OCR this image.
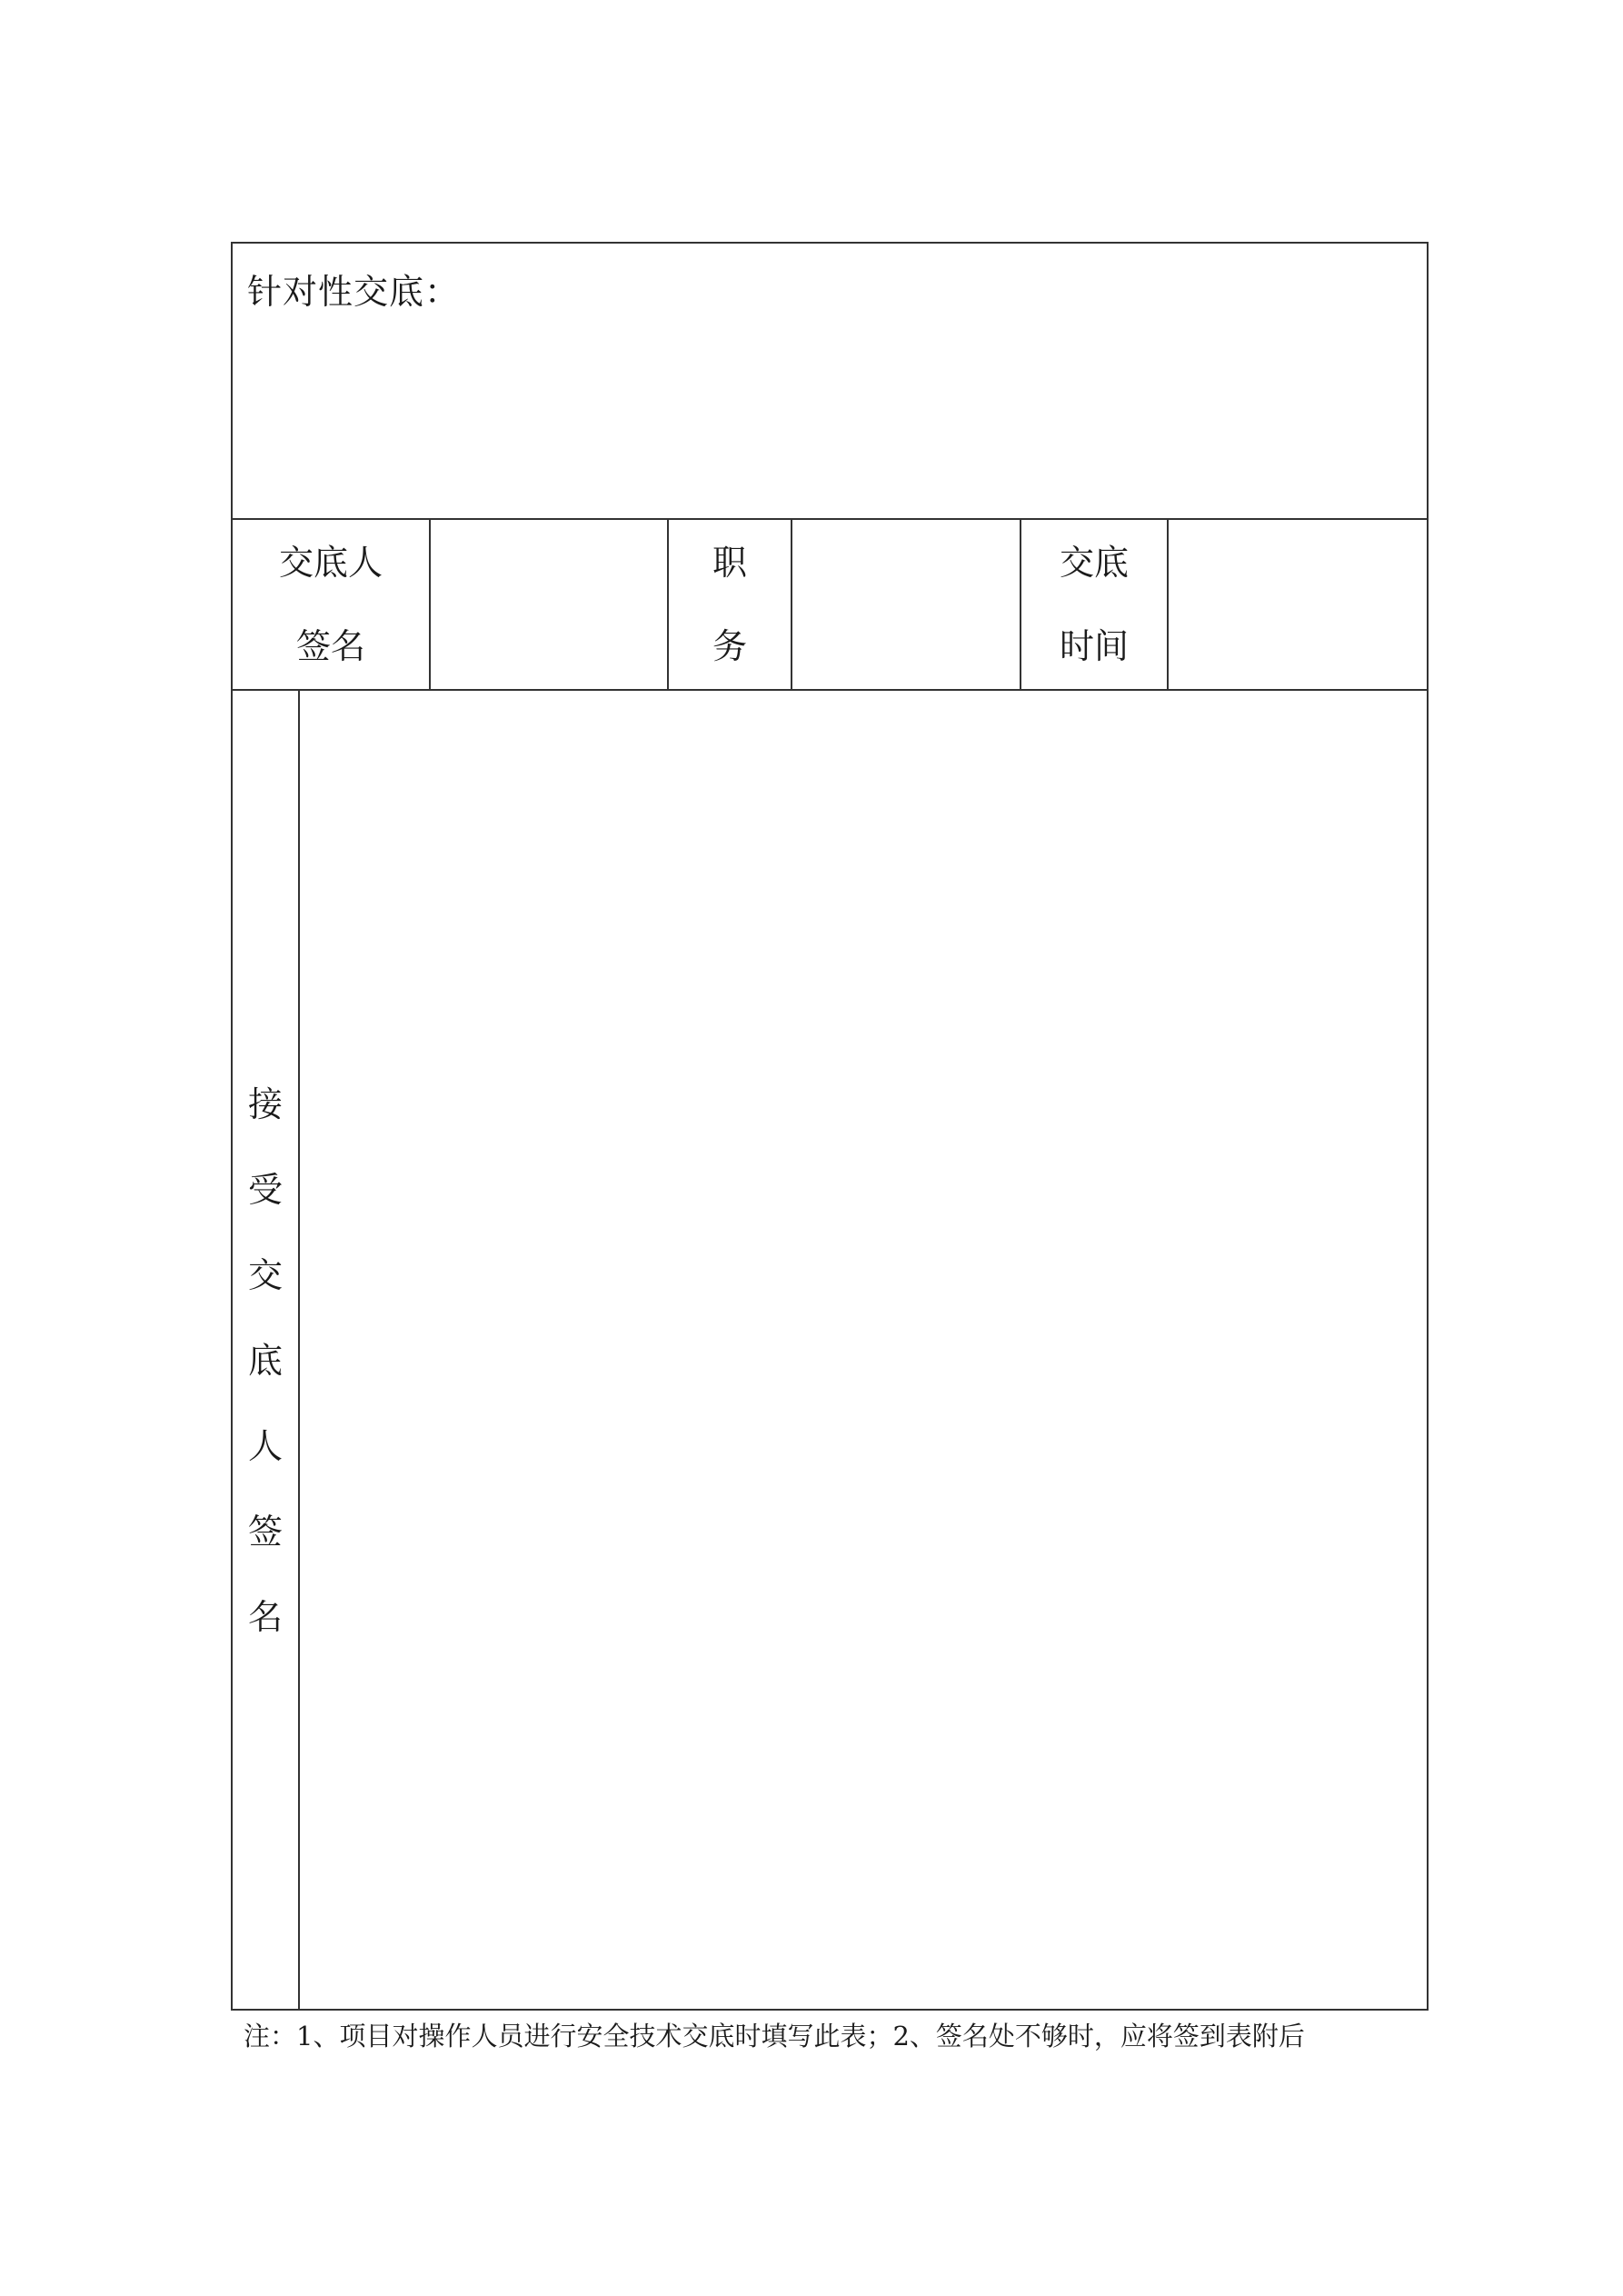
针对性交底：
交底人
签名
职
务
交底
时间
接
受
交
底
人
签
名
注：1、项目对操作人员进行安全技术交底时填写此表；2、签名处不够时，应将签到表附后
